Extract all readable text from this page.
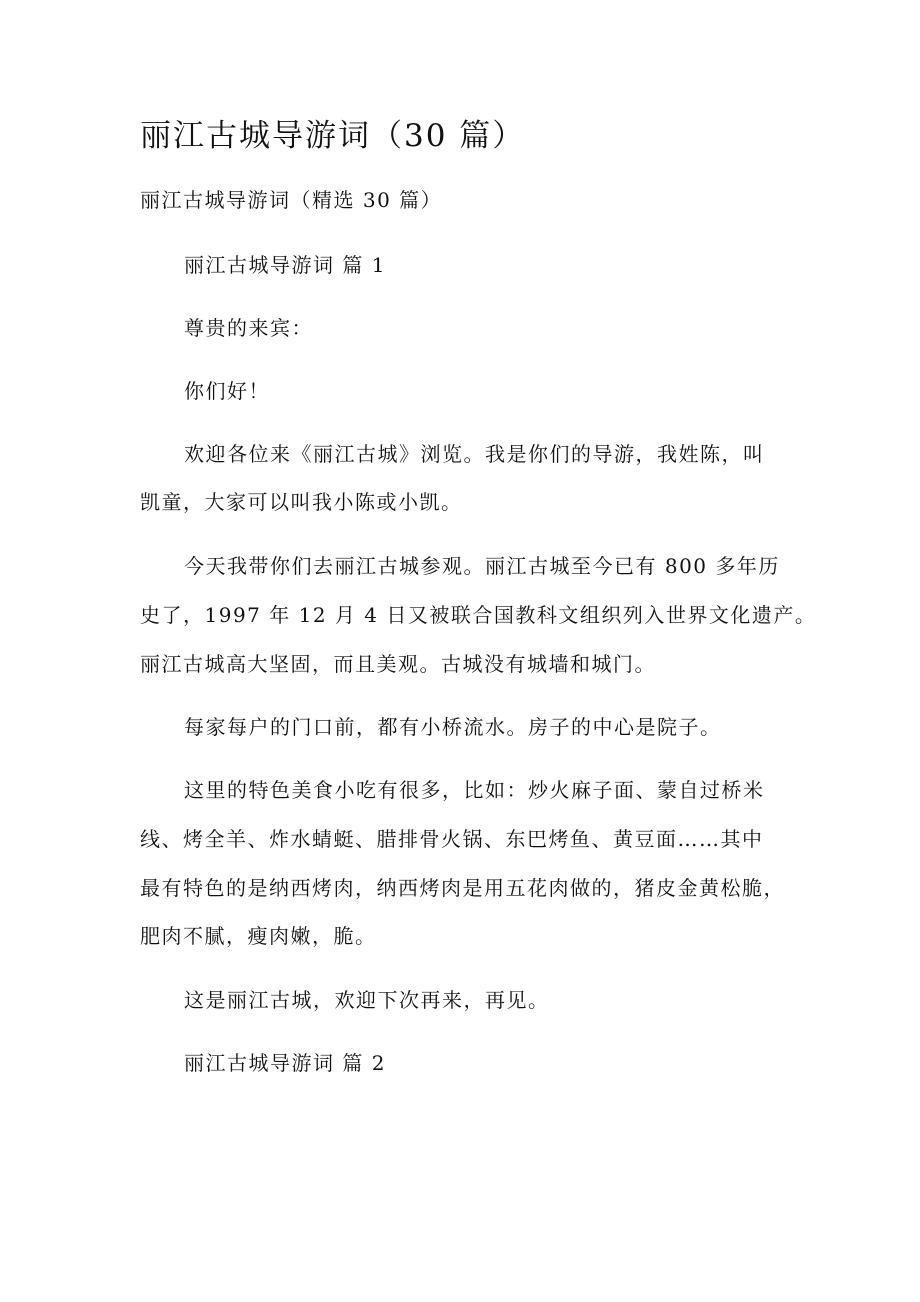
丽江古城导游词（30 篇）
丽江古城导游词（精选 30 篇）
丽江古城导游词 篇 1
尊贵的来宾：
你们好！
欢迎各位来《丽江古城》浏览。我是你们的导游，我姓陈，叫
凯童，大家可以叫我小陈或小凯。
今天我带你们去丽江古城参观。丽江古城至今已有 800 多年历
史了，1997 年 12 月 4 日又被联合国教科文组织列入世界文化遗产。
丽江古城高大坚固，而且美观。古城没有城墙和城门。
每家每户的门口前，都有小桥流水。房子的中心是院子。
这里的特色美食小吃有很多，比如：炒火麻子面、蒙自过桥米
线、烤全羊、炸水蜻蜓、腊排骨火锅、东巴烤鱼、黄豆面……其中
最有特色的是纳西烤肉，纳西烤肉是用五花肉做的，猪皮金黄松脆，
肥肉不腻，瘦肉嫩，脆。
这是丽江古城，欢迎下次再来，再见。
丽江古城导游词 篇 2
